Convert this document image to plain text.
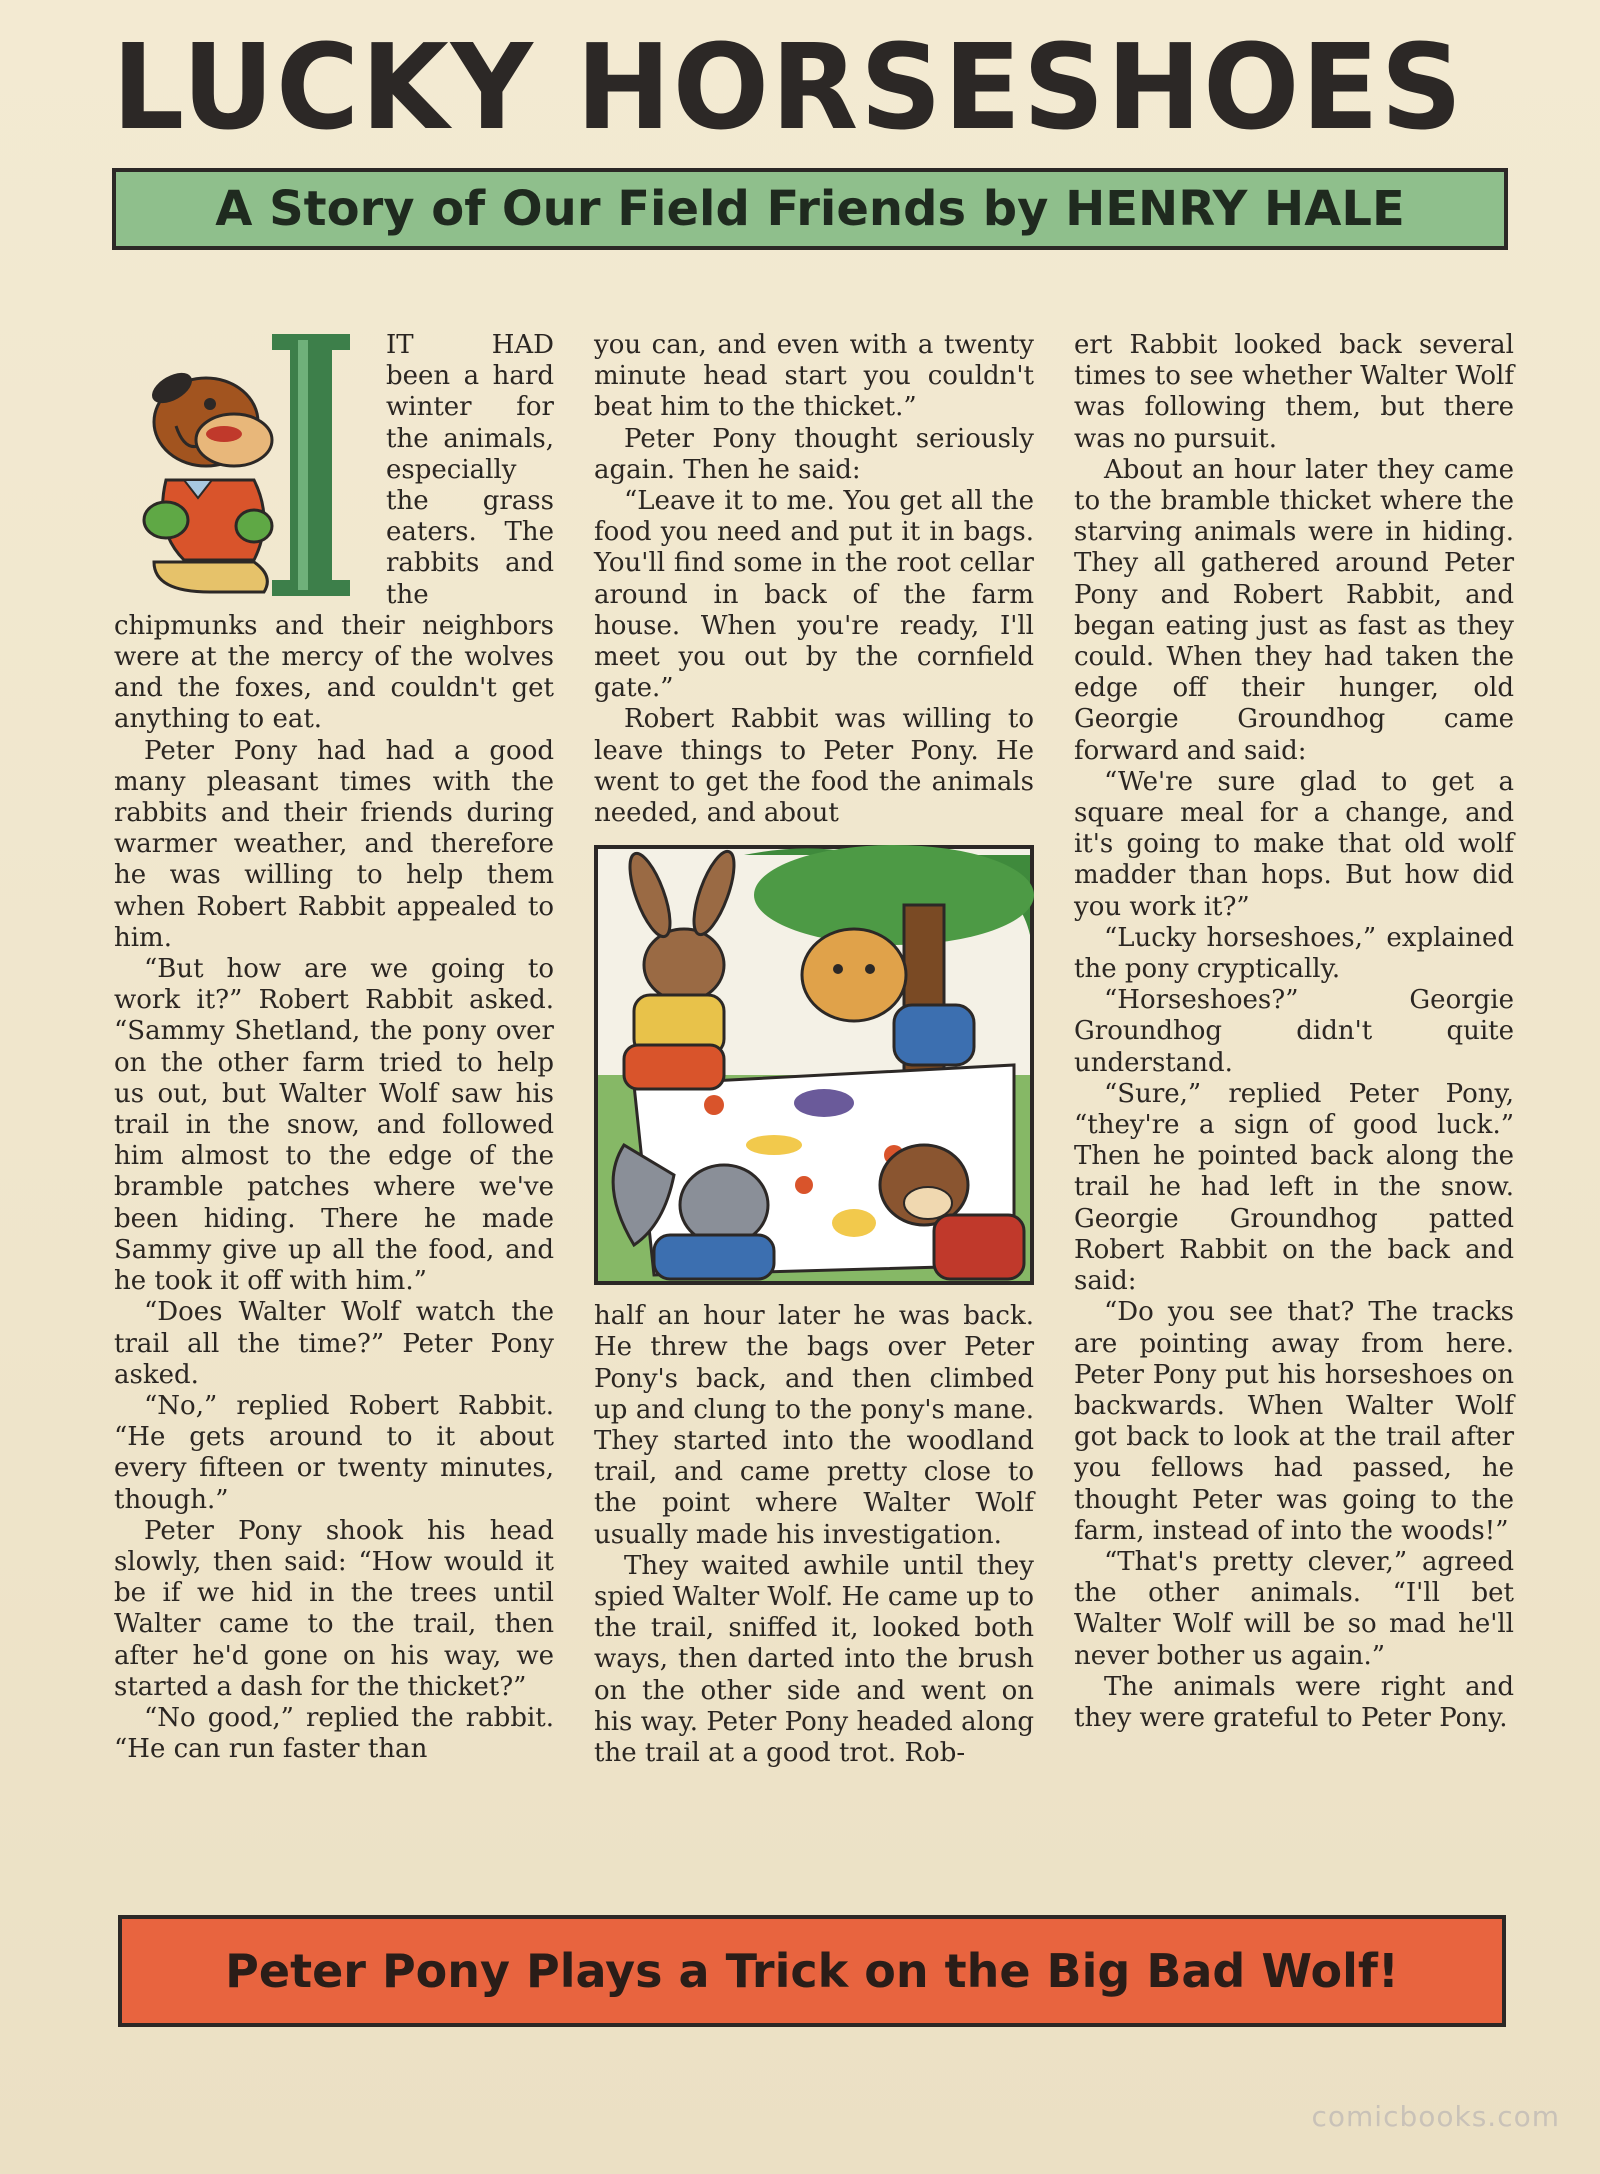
LUCKY HORSESHOES
A Story of Our Field Friends by HENRY HALE

IT HAD been a hard winter for the animals, especially the grass eaters. The rabbits and the chipmunks and their neighbors were at the mercy of the wolves and the foxes, and couldn't get anything to eat.

Peter Pony had had a good many pleasant times with the rabbits and their friends during warmer weather, and therefore he was willing to help them when Robert Rabbit appealed to him.

“But how are we going to work it?” Robert Rabbit asked. “Sammy Shetland, the pony over on the other farm tried to help us out, but Walter Wolf saw his trail in the snow, and followed him almost to the edge of the bramble patches where we've been hiding. There he made Sammy give up all the food, and he took it off with him.”

“Does Walter Wolf watch the trail all the time?” Peter Pony asked.

“No,” replied Robert Rabbit. “He gets around to it about every fifteen or twenty minutes, though.”

Peter Pony shook his head slowly, then said: “How would it be if we hid in the trees until Walter came to the trail, then after he'd gone on his way, we started a dash for the thicket?”

“No good,” replied the rabbit. “He can run faster than

you can, and even with a twenty minute head start you couldn't beat him to the thicket.”

Peter Pony thought seriously again. Then he said:

“Leave it to me. You get all the food you need and put it in bags. You'll find some in the root cellar around in back of the farm house. When you're ready, I'll meet you out by the cornfield gate.”

Robert Rabbit was willing to leave things to Peter Pony. He went to get the food the animals needed, and about

half an hour later he was back. He threw the bags over Peter Pony's back, and then climbed up and clung to the pony's mane. They started into the woodland trail, and came pretty close to the point where Walter Wolf usually made his investigation.

They waited awhile until they spied Walter Wolf. He came up to the trail, sniffed it, looked both ways, then darted into the brush on the other side and went on his way. Peter Pony headed along the trail at a good trot. Rob-

ert Rabbit looked back several times to see whether Walter Wolf was following them, but there was no pursuit.

About an hour later they came to the bramble thicket where the starving animals were in hiding. They all gathered around Peter Pony and Robert Rabbit, and began eating just as fast as they could. When they had taken the edge off their hunger, old Georgie Groundhog came forward and said:

“We're sure glad to get a square meal for a change, and it's going to make that old wolf madder than hops. But how did you work it?”

“Lucky horseshoes,” explained the pony cryptically.

“Horseshoes?” Georgie Groundhog didn't quite understand.

“Sure,” replied Peter Pony, “they're a sign of good luck.” Then he pointed back along the trail he had left in the snow. Georgie Groundhog patted Robert Rabbit on the back and said:

“Do you see that? The tracks are pointing away from here. Peter Pony put his horseshoes on backwards. When Walter Wolf got back to look at the trail after you fellows had passed, he thought Peter was going to the farm, instead of into the woods!”

“That's pretty clever,” agreed the other animals. “I'll bet Walter Wolf will be so mad he'll never bother us again.”

The animals were right and they were grateful to Peter Pony.

Peter Pony Plays a Trick on the Big Bad Wolf!
comicbooks.com
